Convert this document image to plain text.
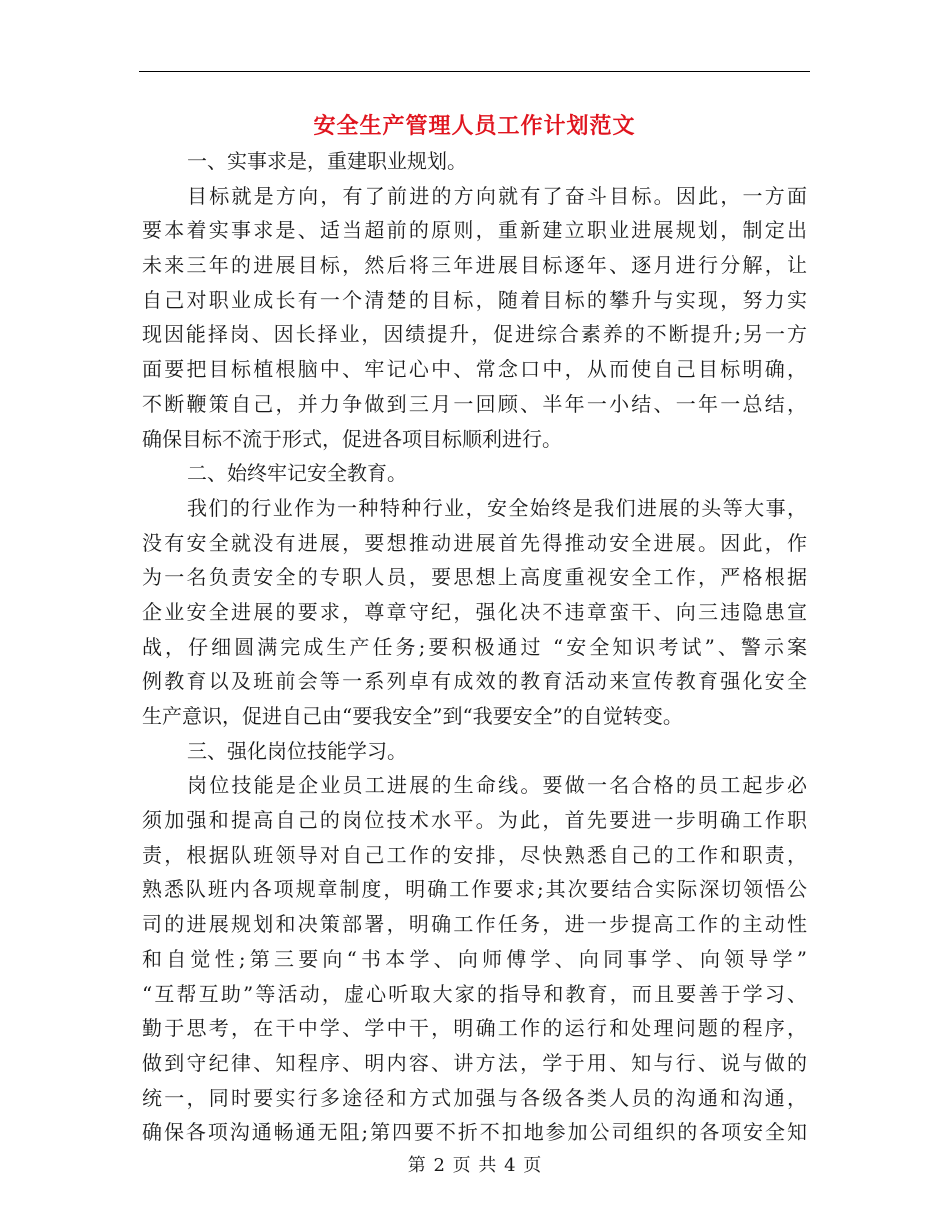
安全生产管理人员工作计划范文
一、实事求是，重建职业规划。
目标就是方向，有了前进的方向就有了奋斗目标。因此，一方面
要本着实事求是、适当超前的原则，重新建立职业进展规划，制定出
未来三年的进展目标，然后将三年进展目标逐年、逐月进行分解，让
自己对职业成长有一个清楚的目标，随着目标的攀升与实现，努力实
现因能择岗、因长择业，因绩提升，促进综合素养的不断提升;另一方
面要把目标植根脑中、牢记心中、常念口中，从而使自己目标明确，
不断鞭策自己，并力争做到三月一回顾、半年一小结、一年一总结，
确保目标不流于形式，促进各项目标顺利进行。
二、始终牢记安全教育。
我们的行业作为一种特种行业，安全始终是我们进展的头等大事，
没有安全就没有进展，要想推动进展首先得推动安全进展。因此，作
为一名负责安全的专职人员，要思想上高度重视安全工作，严格根据
企业安全进展的要求，尊章守纪，强化决不违章蛮干、向三违隐患宣
战，仔细圆满完成生产任务;要积极通过 “安全知识考试”、警示案
例教育以及班前会等一系列卓有成效的教育活动来宣传教育强化安全
生产意识，促进自己由“要我安全”到“我要安全”的自觉转变。
三、强化岗位技能学习。
岗位技能是企业员工进展的生命线。要做一名合格的员工起步必
须加强和提高自己的岗位技术水平。为此，首先要进一步明确工作职
责，根据队班领导对自己工作的安排，尽快熟悉自己的工作和职责，
熟悉队班内各项规章制度，明确工作要求;其次要结合实际深切领悟公
司的进展规划和决策部署，明确工作任务，进一步提高工作的主动性
和自觉性;第三要向“书本学、向师傅学、向同事学、向领导学”
“互帮互助”等活动，虚心听取大家的指导和教育，而且要善于学习、
勤于思考，在干中学、学中干，明确工作的运行和处理问题的程序，
做到守纪律、知程序、明内容、讲方法，学于用、知与行、说与做的
统一，同时要实行多途径和方式加强与各级各类人员的沟通和沟通，
确保各项沟通畅通无阻;第四要不折不扣地参加公司组织的各项安全知
第 2 页 共 4 页
